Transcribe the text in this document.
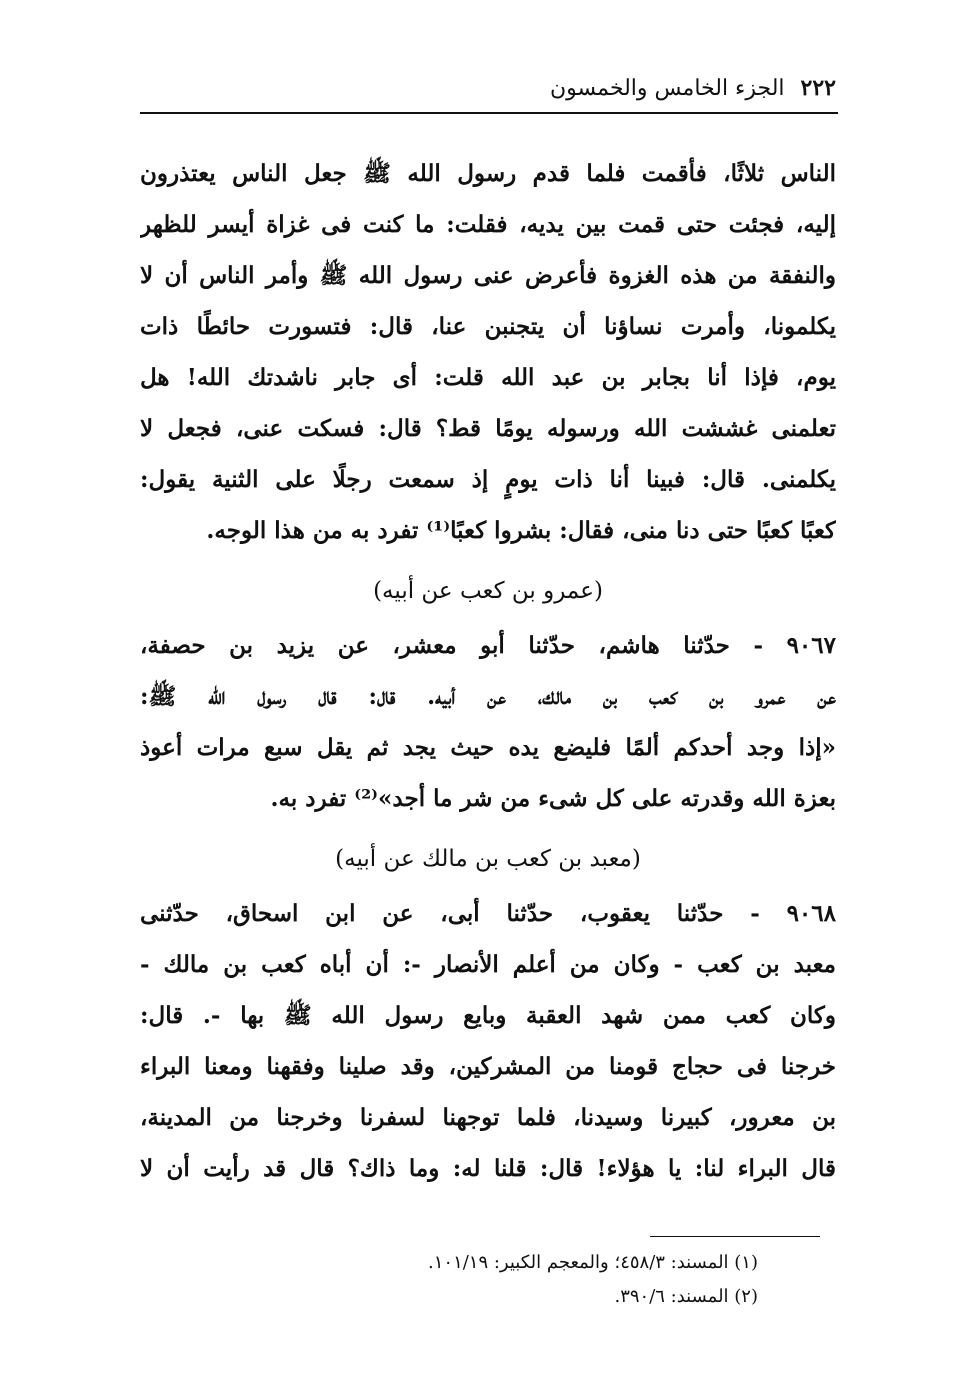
٢٢٢
الجزء الخامس والخمسون
الناس ثلاثًا، فأقمت فلما قدم رسول الله ﷺ جعل الناس يعتذرون
إليه، فجئت حتى قمت بين يديه، فقلت: ما كنت فى غزاة أيسر للظهر
والنفقة من هذه الغزوة فأعرض عنى رسول الله ﷺ وأمر الناس أن لا
يكلمونا، وأمرت نساؤنا أن يتجنبن عنا، قال: فتسورت حائطًا ذات
يوم، فإذا أنا بجابر بن عبد الله قلت: أى جابر ناشدتك الله! هل
تعلمنى غششت الله ورسوله يومًا قط؟ قال: فسكت عنى، فجعل لا
يكلمنى. قال: فبينا أنا ذات يومٍ إذ سمعت رجلًا على الثنية يقول:
كعبًا كعبًا حتى دنا منى، فقال: بشروا كعبًا⁽¹⁾ تفرد به من هذا الوجه.
(عمرو بن كعب عن أبيه)
٩٠٦٧ - حدّثنا هاشم، حدّثنا أبو معشر، عن يزيد بن حصفة،
عن عمرو بن كعب بن مالك، عن أبيه. قال: قال رسول الله ﷺ:
«إذا وجد أحدكم ألمًا فليضع يده حيث يجد ثم يقل سبع مرات أعوذ
بعزة الله وقدرته على كل شىء من شر ما أجد»⁽²⁾ تفرد به.
(معبد بن كعب بن مالك عن أبيه)
٩٠٦٨ - حدّثنا يعقوب، حدّثنا أبى، عن ابن اسحاق، حدّثنى
معبد بن كعب - وكان من أعلم الأنصار -: أن أباه كعب بن مالك -
وكان كعب ممن شهد العقبة وبايع رسول الله ﷺ بها -. قال:
خرجنا فى حجاج قومنا من المشركين، وقد صلينا وفقهنا ومعنا البراء
بن معرور، كبيرنا وسيدنا، فلما توجهنا لسفرنا وخرجنا من المدينة،
قال البراء لنا: يا هؤلاء! قال: قلنا له: وما ذاك؟ قال قد رأيت أن لا
(١) المسند: ٤٥٨/٣؛ والمعجم الكبير: ١٠١/١٩.
(٢) المسند: ٣٩٠/٦.
